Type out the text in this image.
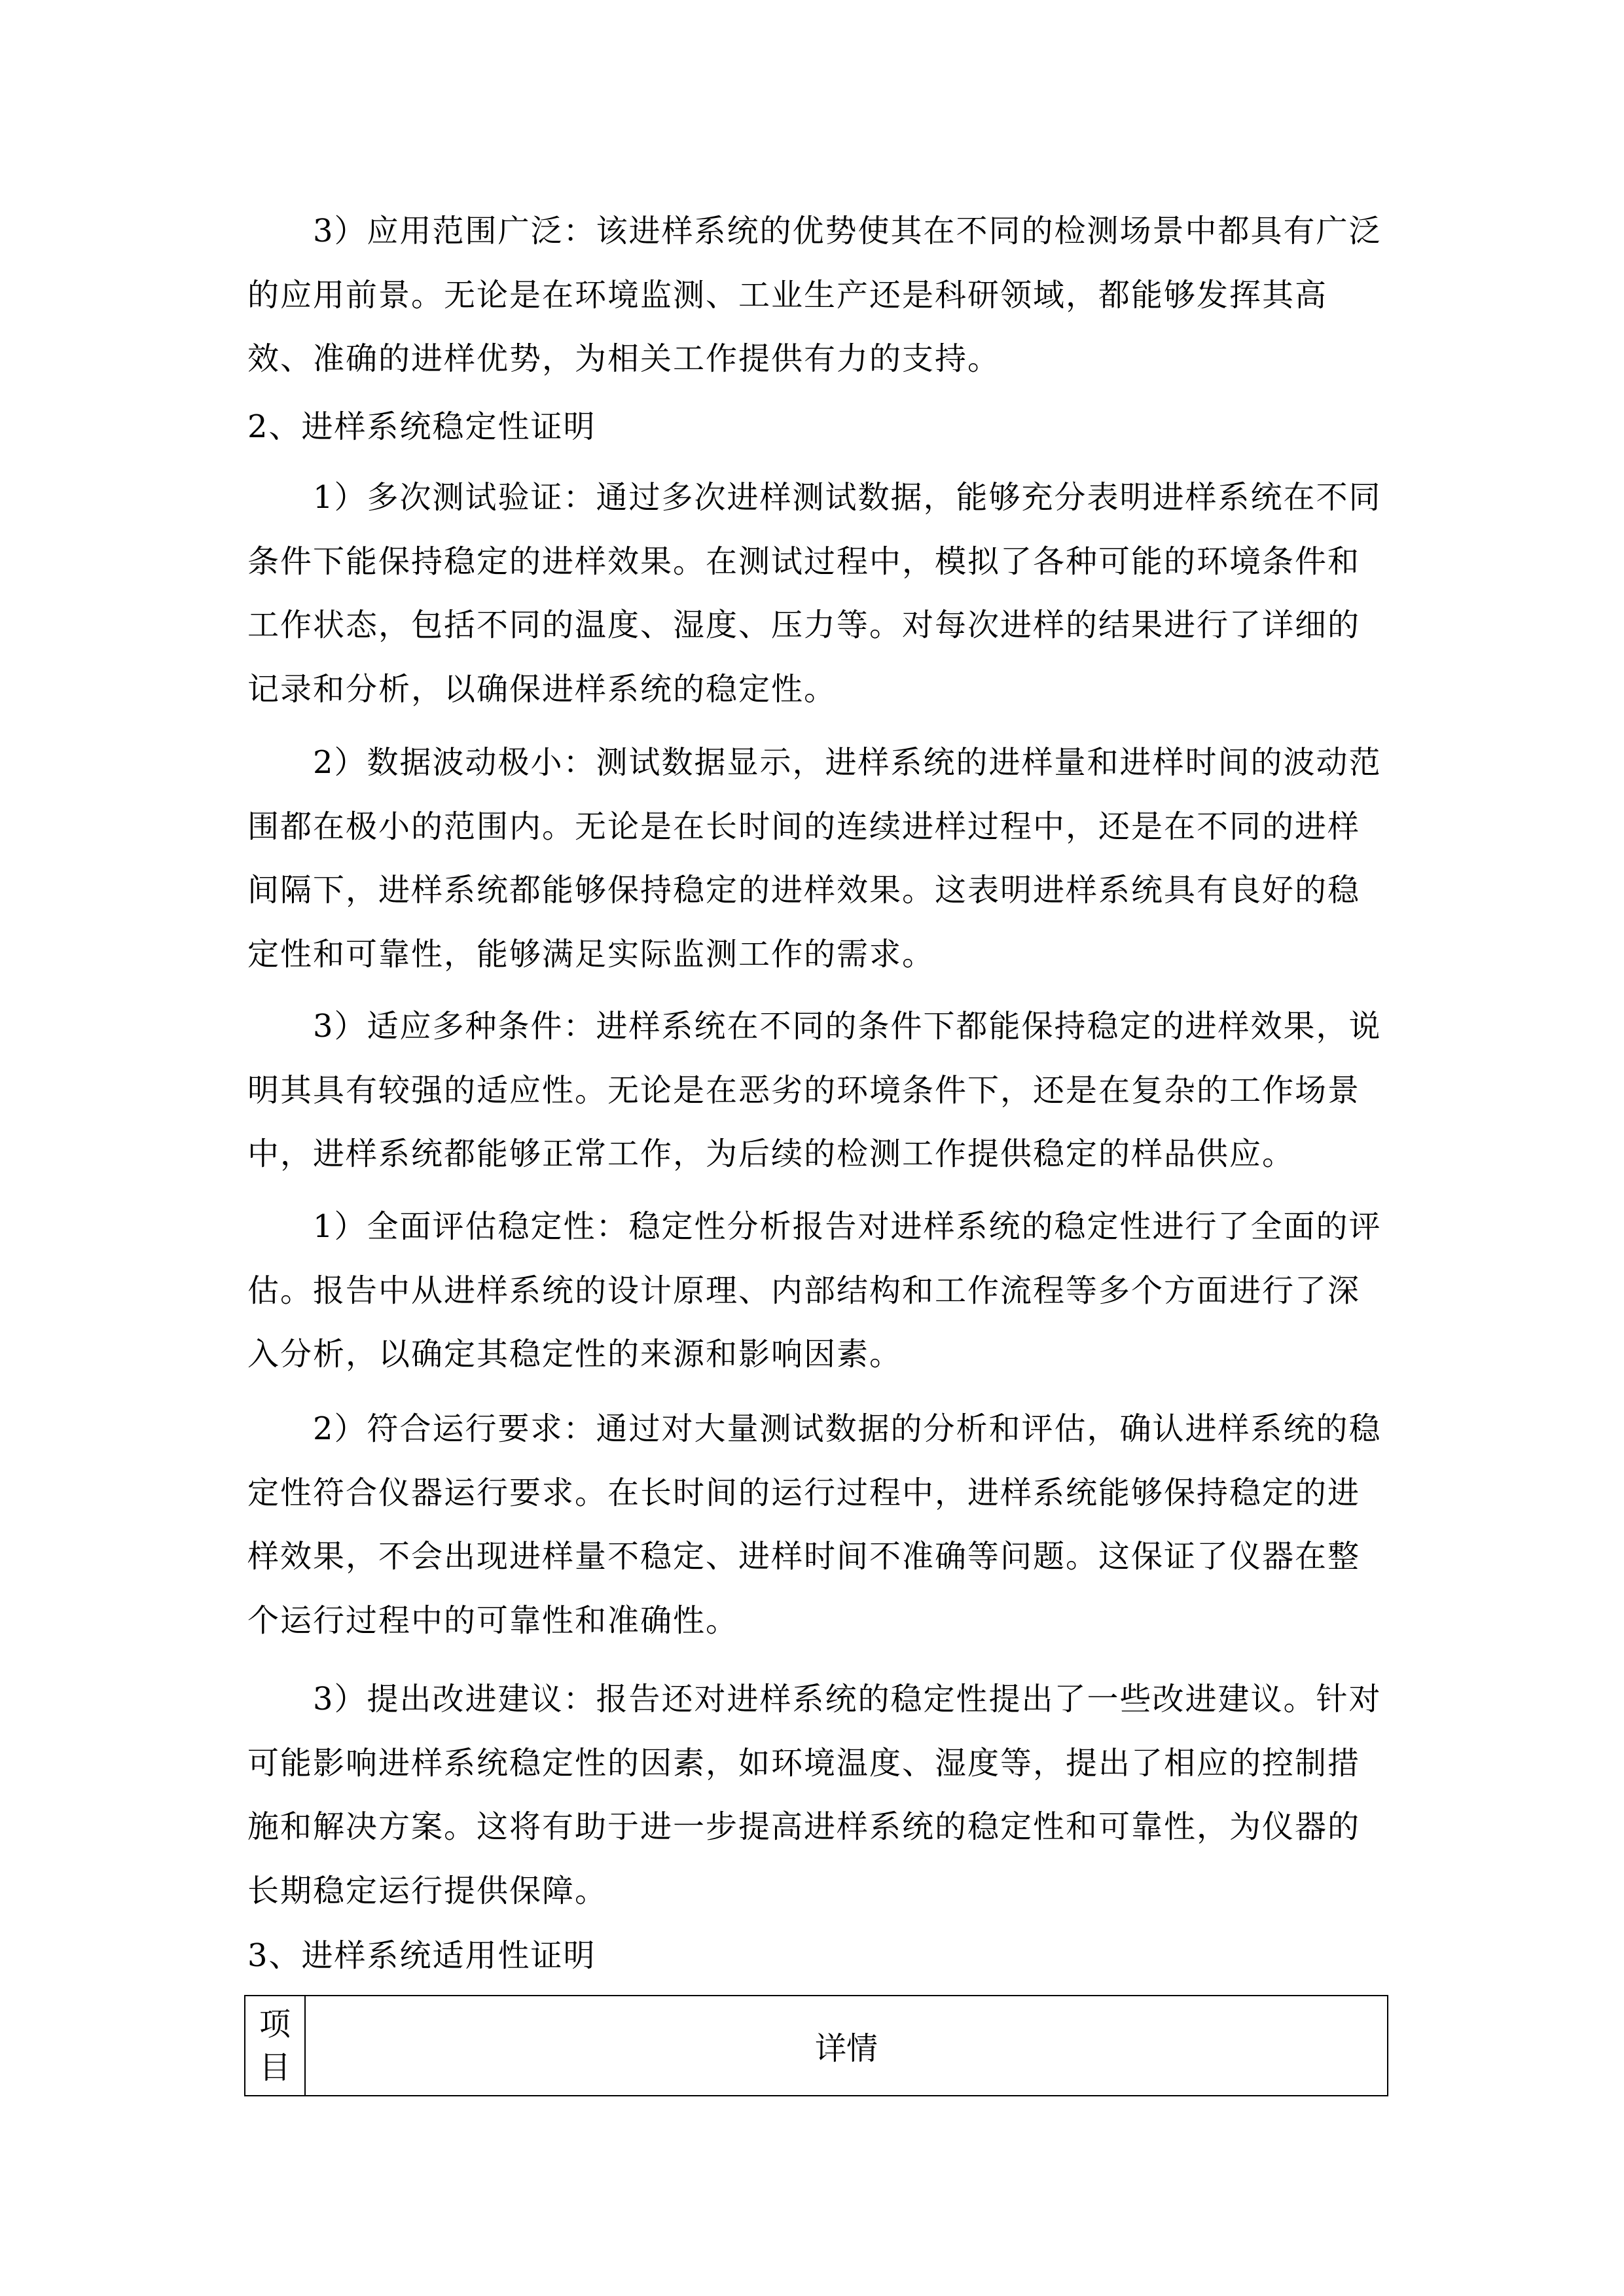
3）应用范围广泛：该进样系统的优势使其在不同的检测场景中都具有广泛
的应用前景。无论是在环境监测、工业生产还是科研领域，都能够发挥其高
效、准确的进样优势，为相关工作提供有力的支持。
2、进样系统稳定性证明
1）多次测试验证：通过多次进样测试数据，能够充分表明进样系统在不同
条件下能保持稳定的进样效果。在测试过程中，模拟了各种可能的环境条件和
工作状态，包括不同的温度、湿度、压力等。对每次进样的结果进行了详细的
记录和分析，以确保进样系统的稳定性。
2）数据波动极小：测试数据显示，进样系统的进样量和进样时间的波动范
围都在极小的范围内。无论是在长时间的连续进样过程中，还是在不同的进样
间隔下，进样系统都能够保持稳定的进样效果。这表明进样系统具有良好的稳
定性和可靠性，能够满足实际监测工作的需求。
3）适应多种条件：进样系统在不同的条件下都能保持稳定的进样效果，说
明其具有较强的适应性。无论是在恶劣的环境条件下，还是在复杂的工作场景
中，进样系统都能够正常工作，为后续的检测工作提供稳定的样品供应。
1）全面评估稳定性：稳定性分析报告对进样系统的稳定性进行了全面的评
估。报告中从进样系统的设计原理、内部结构和工作流程等多个方面进行了深
入分析，以确定其稳定性的来源和影响因素。
2）符合运行要求：通过对大量测试数据的分析和评估，确认进样系统的稳
定性符合仪器运行要求。在长时间的运行过程中，进样系统能够保持稳定的进
样效果，不会出现进样量不稳定、进样时间不准确等问题。这保证了仪器在整
个运行过程中的可靠性和准确性。
3）提出改进建议：报告还对进样系统的稳定性提出了一些改进建议。针对
可能影响进样系统稳定性的因素，如环境温度、湿度等，提出了相应的控制措
施和解决方案。这将有助于进一步提高进样系统的稳定性和可靠性，为仪器的
长期稳定运行提供保障。
3、进样系统适用性证明
项
目	详情
